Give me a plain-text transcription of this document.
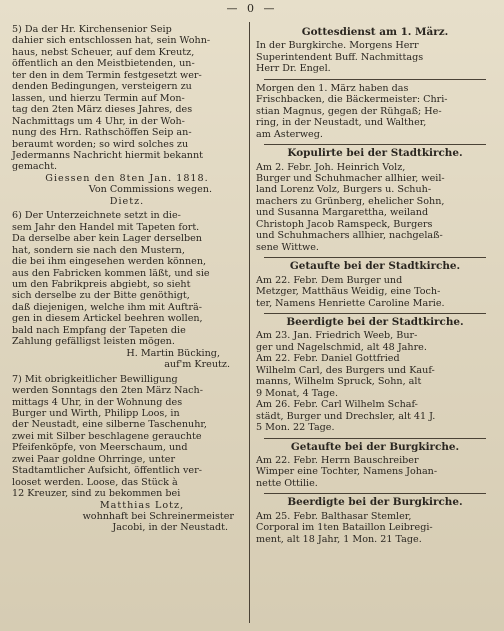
— 0 —

5) Da der Hr. Kirchensenior Seip
dahier sich entschlossen hat, sein Wohn-
haus, nebst Scheuer, auf dem Kreutz,
öffentlich an den Meistbietenden, un-
ter den in dem Termin festgesetzt wer-
denden Bedingungen, versteigern zu
lassen, und hierzu Termin auf Mon-
tag den 2ten März dieses Jahres, des
Nachmittags um 4 Uhr, in der Woh-
nung des Hrn. Rathschöffen Seip an-
beraumt worden; so wird solches zu
Jedermanns Nachricht hiermit bekannt
gemacht.

Giessen den 8ten Jan. 1818.
Von Commissions wegen.
Dietz.

6) Der Unterzeichnete setzt in die-
sem Jahr den Handel mit Tapeten fort.
Da derselbe aber kein Lager derselben
hat, sondern sie nach den Mustern,
die bei ihm eingesehen werden können,
aus den Fabricken kommen läßt, und sie
um den Fabrikpreis abgiebt, so sieht
sich derselbe zu der Bitte genöthigt,
daß diejenigen, welche ihm mit Aufträ-
gen in diesem Artickel beehren wollen,
bald nach Empfang der Tapeten die
Zahlung gefälligst leisten mögen.

H. Martin Bücking,
auf'm Kreutz.

7) Mit obrigkeitlicher Bewilligung
werden Sonntags den 2ten März Nach-
mittags 4 Uhr, in der Wohnung des
Burger und Wirth, Philipp Loos, in
der Neustadt, eine silberne Taschenuhr,
zwei mit Silber beschlagene gerauchte
Pfeifenköpfe, von Meerschaum, und
zwei Paar goldne Ohrringe, unter
Stadtamtlicher Aufsicht, öffentlich ver-
looset werden. Loose, das Stück à
12 Kreuzer, sind zu bekommen bei

Matthias Lotz,
wohnhaft bei Schreinermeister
Jacobi, in der Neustadt.
Gottesdienst am 1. März.

In der Burgkirche. Morgens Herr
Superintendent Buff. Nachmittags
Herr Dr. Engel.

Morgen den 1. März haben das
Frischbacken, die Bäckermeister: Chri-
stian Magnus, gegen der Rühgaß; He-
ring, in der Neustadt, und Walther,
am Asterweg.

Kopulirte bei der Stadtkirche.

Am 2. Febr. Joh. Heinrich Volz,
Burger und Schuhmacher allhier, weil-
land Lorenz Volz, Burgers u. Schuh-
machers zu Grünberg, ehelicher Sohn,
und Susanna Margarettha, weiland
Christoph Jacob Ramspeck, Burgers
und Schuhmachers allhier, nachgelaß-
sene Wittwe.

Getaufte bei der Stadtkirche.

Am 22. Febr. Dem Burger und
Metzger, Matthäus Weidig, eine Toch-
ter, Namens Henriette Caroline Marie.

Beerdigte bei der Stadtkirche.

Am 23. Jan. Friedrich Weeb, Bur-
ger und Nagelschmid, alt 48 Jahre.
Am 22. Febr. Daniel Gottfried
Wilhelm Carl, des Burgers und Kauf-
manns, Wilhelm Spruck, Sohn, alt
9 Monat, 4 Tage.
Am 26. Febr. Carl Wilhelm Schaf-
städt, Burger und Drechsler, alt 41 J.
5 Mon. 22 Tage.

Getaufte bei der Burgkirche.

Am 22. Febr. Herrn Bauschreiber
Wimper eine Tochter, Namens Johan-
nette Ottilie.

Beerdigte bei der Burgkirche.

Am 25. Febr. Balthasar Stemler,
Corporal im 1ten Bataillon Leibregi-
ment, alt 18 Jahr, 1 Mon. 21 Tage.
